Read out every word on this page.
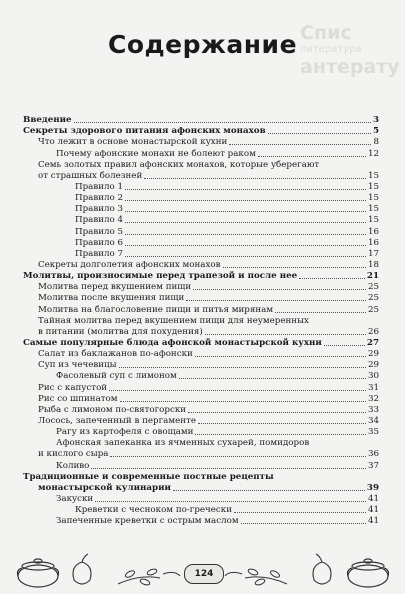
Спис
литература
антерату
Содержание
Введение	3
Секреты здорового питания афонских монахов	5
Что лежит в основе монастырской кухни	8
Почему афонские монахи не болеют раком	12
Семь золотых правил афонских монахов, которые уберегают
от страшных болезней	15
Правило 1	15
Правило 2	15
Правило 3	15
Правило 4	15
Правило 5	16
Правило 6	16
Правило 7	17
Секреты долголетия афонских монахов	18
Молитвы, произносимые перед трапезой и после нее	21
Молитва перед вкушением пищи	25
Молитва после вкушения пищи	25
Молитва на благословение пищи и питья мирянам	25
Тайная молитва перед вкушением пищи для неумеренных
в питании (молитва для похудения)	26
Самые популярные блюда афонской монастырской кухни	27
Салат из баклажанов по-афонски	29
Суп из чечевицы	29
Фасолевый суп с лимоном	30
Рис с капустой	31
Рис со шпинатом	32
Рыба с лимоном по-святогорски	33
Лосось, запеченный в пергаменте	34
Рагу из картофеля с овощами	35
Афонская запеканка из ячменных сухарей, помидоров
и кислого сыра	36
Коливо	37
Традиционные и современные постные рецепты
монастырской кулинарии	39
Закуски	41
Креветки с чесноком по-гречески	41
Запеченные креветки с острым маслом	41
124
